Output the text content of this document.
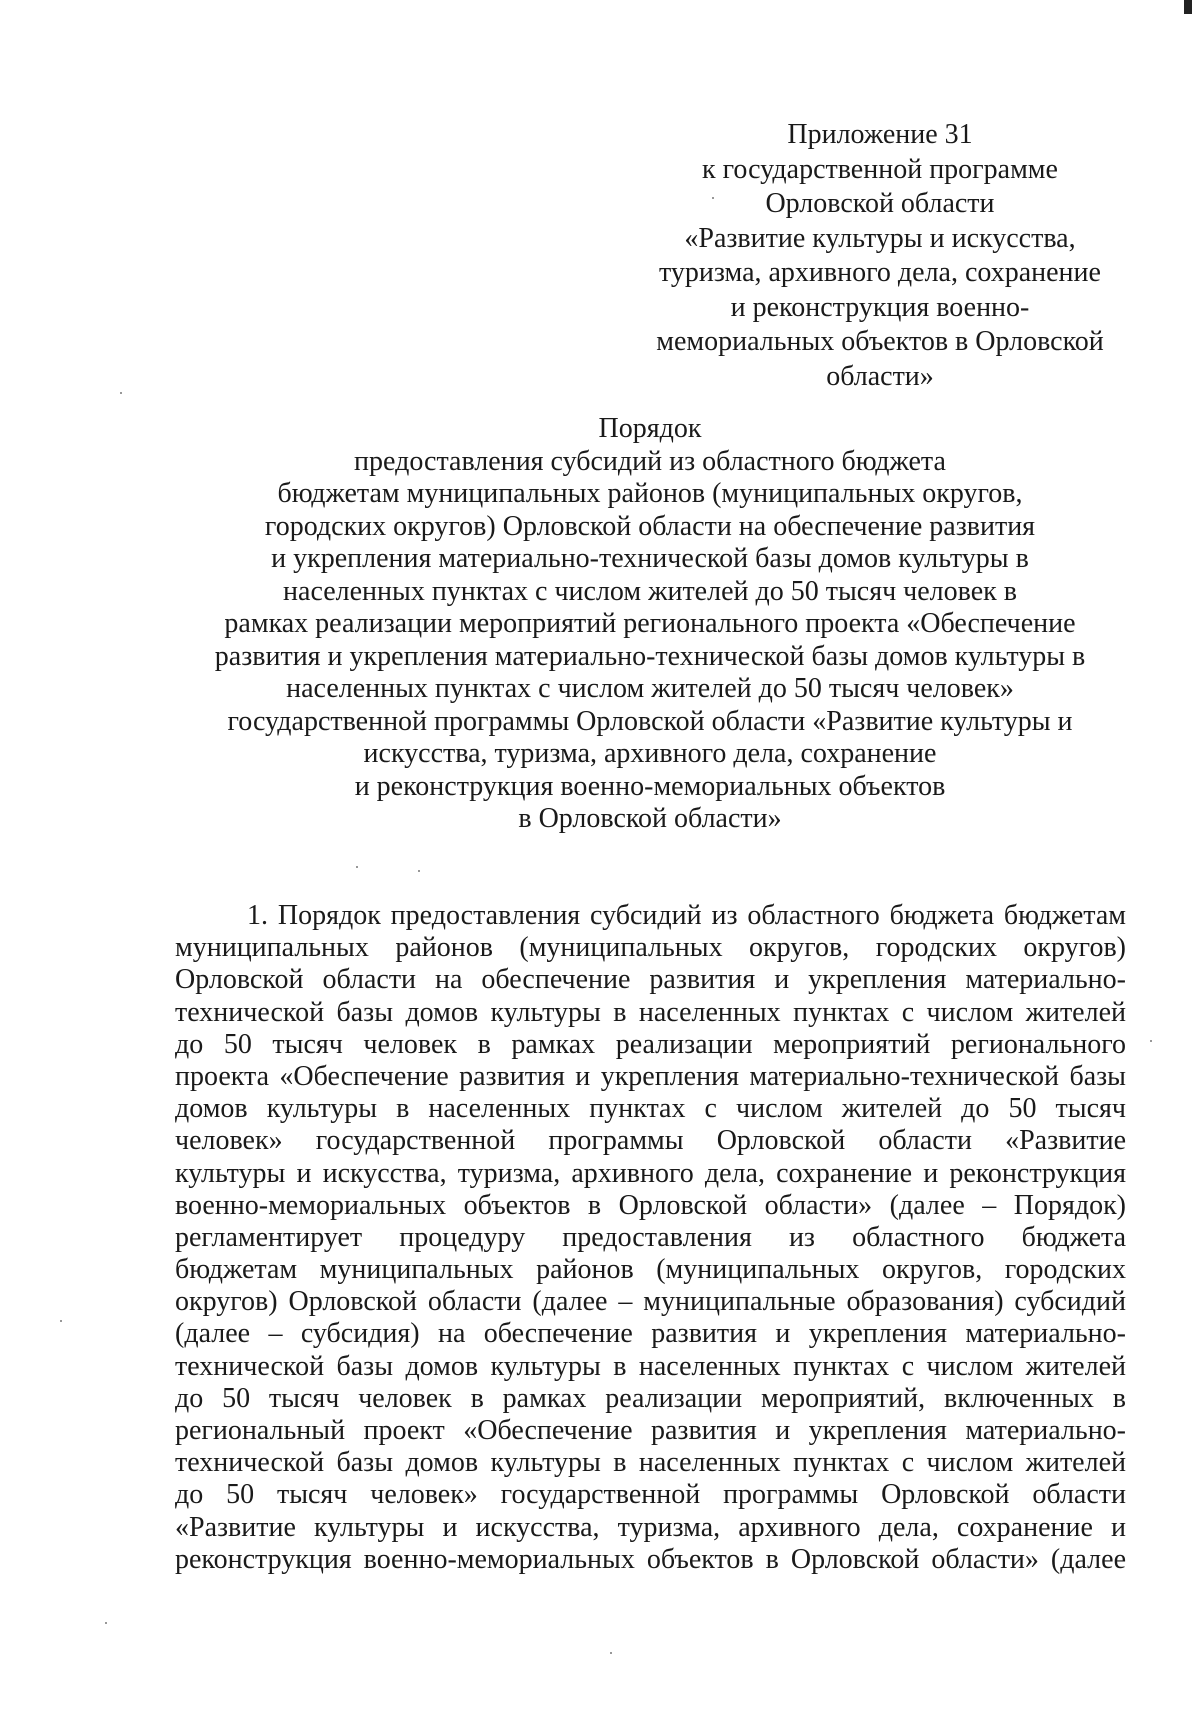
Приложение 31
к государственной программе
Орловской области
«Развитие культуры и искусства,
туризма, архивного дела, сохранение
и реконструкция военно-
мемориальных объектов в Орловской
области»
Порядок
предоставления субсидий из областного бюджета
бюджетам муниципальных районов (муниципальных округов,
городских округов) Орловской области на обеспечение развития
и укрепления материально-технической базы домов культуры в
населенных пунктах с числом жителей до 50 тысяч человек в
рамках реализации мероприятий регионального проекта «Обеспечение
развития и укрепления материально-технической базы домов культуры в
населенных пунктах с числом жителей до 50 тысяч человек»
государственной программы Орловской области «Развитие культуры и
искусства, туризма, архивного дела, сохранение
и реконструкция военно-мемориальных объектов
в Орловской области»
1. Порядок предоставления субсидий из областного бюджета бюджетам
муниципальных районов (муниципальных округов, городских округов)
Орловской области на обеспечение развития и укрепления материально-
технической базы домов культуры в населенных пунктах с числом жителей
до 50 тысяч человек в рамках реализации мероприятий регионального
проекта «Обеспечение развития и укрепления материально-технической базы
домов культуры в населенных пунктах с числом жителей до 50 тысяч
человек» государственной программы Орловской области «Развитие
культуры и искусства, туризма, архивного дела, сохранение и реконструкция
военно-мемориальных объектов в Орловской области» (далее – Порядок)
регламентирует процедуру предоставления из областного бюджета
бюджетам муниципальных районов (муниципальных округов, городских
округов) Орловской области (далее – муниципальные образования) субсидий
(далее – субсидия) на обеспечение развития и укрепления материально-
технической базы домов культуры в населенных пунктах с числом жителей
до 50 тысяч человек в рамках реализации мероприятий, включенных в
региональный проект «Обеспечение развития и укрепления материально-
технической базы домов культуры в населенных пунктах с числом жителей
до 50 тысяч человек» государственной программы Орловской области
«Развитие культуры и искусства, туризма, архивного дела, сохранение и
реконструкция военно-мемориальных объектов в Орловской области» (далее
